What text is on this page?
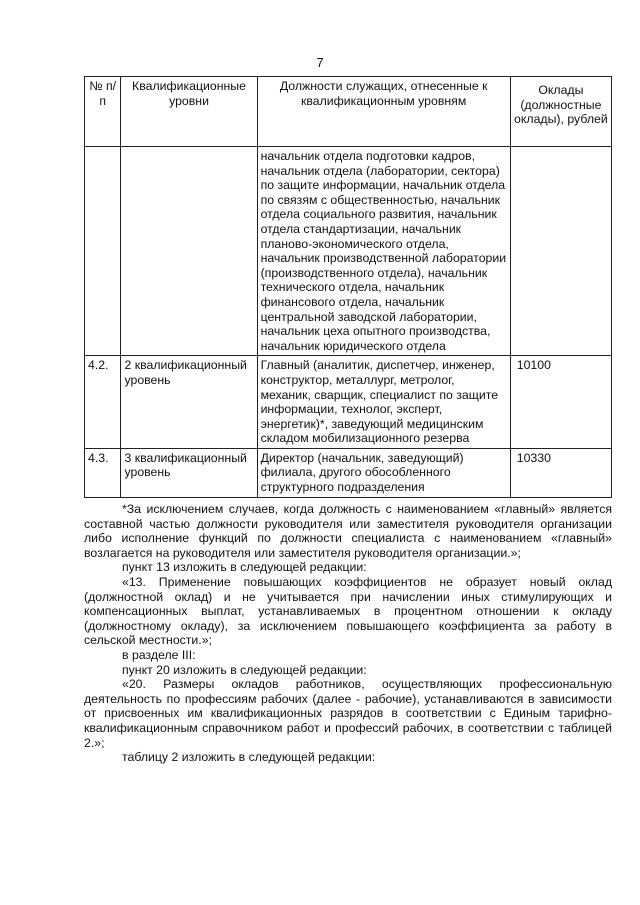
7
№ п/п	Квалификационные уровни	Должности служащих, отнесенные к квалификационным уровням	Оклады (должностные оклады), рублей
		начальник отдела подготовки кадров, начальник отдела (лаборатории, сектора) по защите информации, начальник отдела по связям с общественностью, начальник отдела социального развития, начальник отдела стандартизации, начальник планово-экономического отдела, начальник производственной лаборатории (производственного отдела), начальник технического отдела, начальник финансового отдела, начальник центральной заводской лаборатории, начальник цеха опытного производства, начальник юридического отдела	
4.2.	2 квалификационный уровень	Главный (аналитик, диспетчер, инженер, конструктор, металлург, метролог, механик, сварщик, специалист по защите информации, технолог, эксперт, энергетик)*, заведующий медицинским складом мобилизационного резерва	10100
4.3.	3 квалификационный уровень	Директор (начальник, заведующий) филиала, другого обособленного структурного подразделения	10330

*За исключением случаев, когда должность с наименованием «главный» является составной частью должности руководителя или заместителя руководителя организации либо исполнение функций по должности специалиста с наименованием «главный» возлагается на руководителя или заместителя руководителя организации.»;

пункт 13 изложить в следующей редакции:

«13. Применение повышающих коэффициентов не образует новый оклад (должностной оклад) и не учитывается при начислении иных стимулирующих и компенсационных выплат, устанавливаемых в процентном отношении к окладу (должностному окладу), за исключением повышающего коэффициента за работу в сельской местности.»;

в разделе III:

пункт 20 изложить в следующей редакции:

«20. Размеры окладов работников, осуществляющих профессиональную деятельность по профессиям рабочих (далее - рабочие), устанавливаются в зависимости от присвоенных им квалификационных разрядов в соответствии с Единым тарифно-квалификационным справочником работ и профессий рабочих, в соответствии с таблицей 2.»;

таблицу 2 изложить в следующей редакции:
